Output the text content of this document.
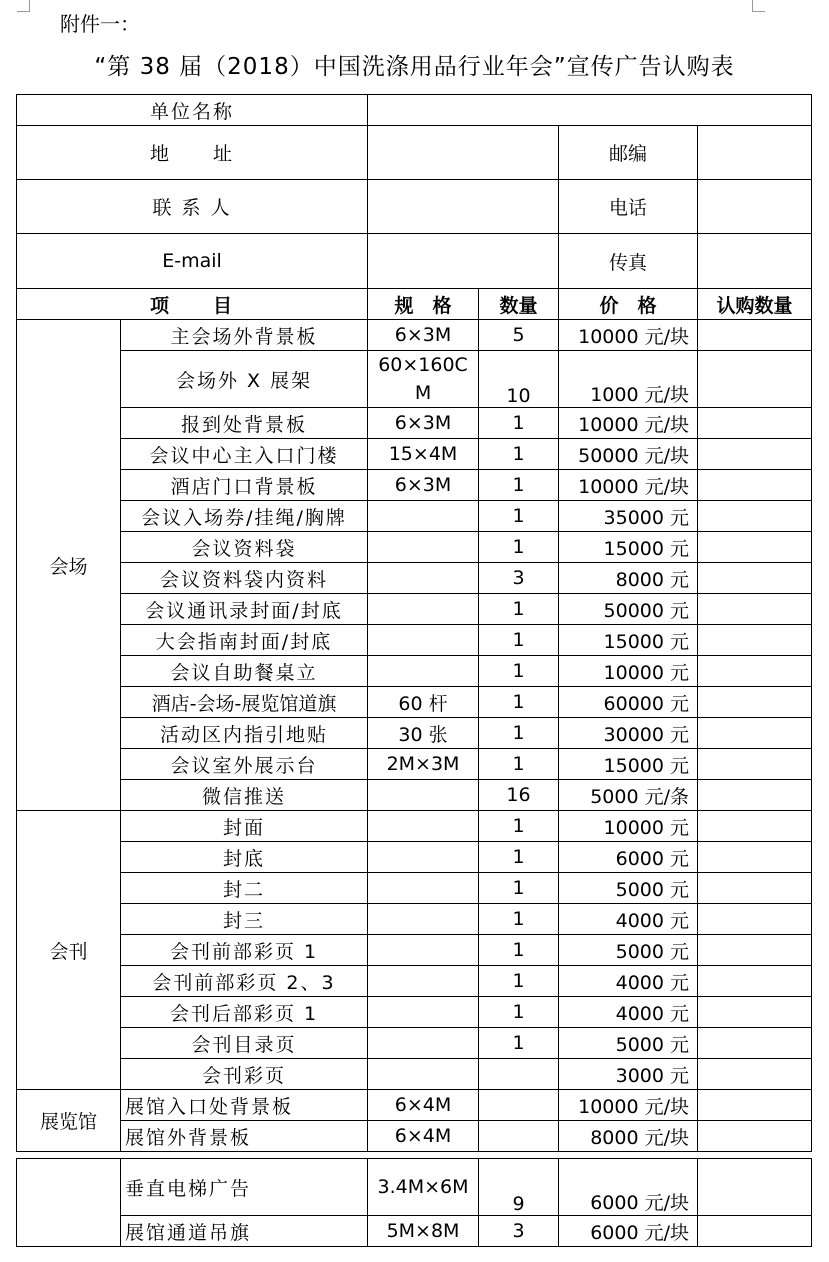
附件一：
“第 38 届（2018）中国洗涤用品行业年会”宣传广告认购表
单位名称					
地　　址				邮编	
联 系 人				电话	
E-mail				传真	
项　　目		规　格	数量	价　格	认购数量
会场	主会场外背景板	6×3M	5	10000 元/块	
	会场外 X 展架	60×160CM	10	1000 元/块	
	报到处背景板	6×3M	1	10000 元/块	
	会议中心主入口门楼	15×4M	1	50000 元/块	
	酒店门口背景板	6×3M	1	10000 元/块	
	会议入场券/挂绳/胸牌		1	35000 元	
	会议资料袋		1	15000 元	
	会议资料袋内资料		3	8000 元	
	会议通讯录封面/封底		1	50000 元	
	大会指南封面/封底		1	15000 元	
	会议自助餐桌立		1	10000 元	
	酒店-会场-展览馆道旗	60 杆	1	60000 元	
	活动区内指引地贴	30 张	1	30000 元	
	会议室外展示台	2M×3M	1	15000 元	
	微信推送		16	5000 元/条	
会刊	封面		1	10000 元	
	封底		1	6000 元	
	封二		1	5000 元	
	封三		1	4000 元	
	会刊前部彩页 1		1	5000 元	
	会刊前部彩页 2、3		1	4000 元	
	会刊后部彩页 1		1	4000 元	
	会刊目录页		1	5000 元	
	会刊彩页			3000 元	
展览馆	展馆入口处背景板	6×4M		10000 元/块	
	展馆外背景板	6×4M		8000 元/块	

	垂直电梯广告	3.4M×6M	9	6000 元/块	
	展馆通道吊旗	5M×8M	3	6000 元/块	
